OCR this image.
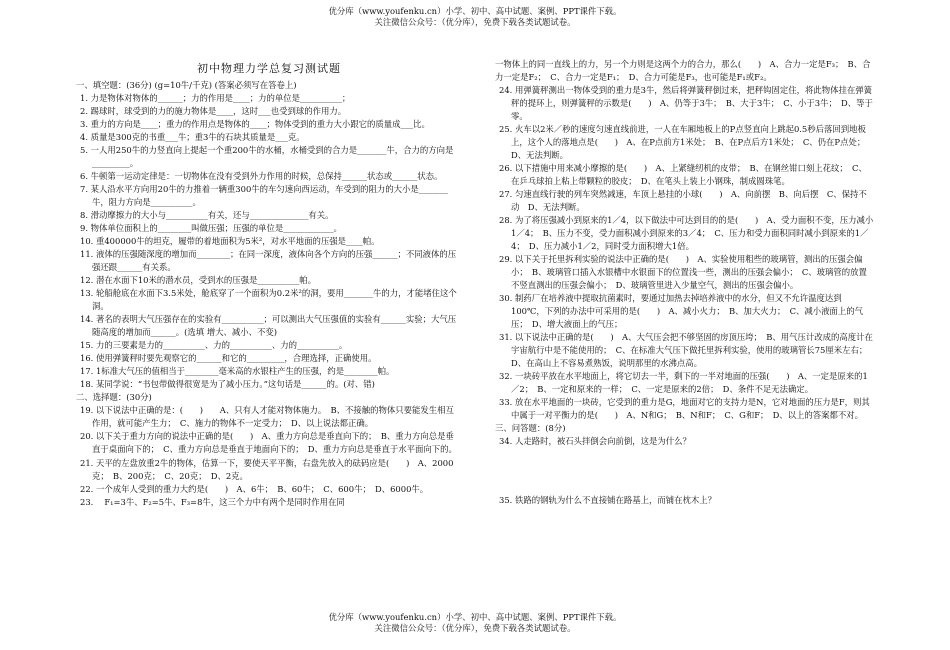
优分库（www.youfenku.cn）小学、初中、高中试题、案例、PPT课件下载。
关注微信公众号：（优分库），免费下载各类试题试卷。
初中物理力学总复习测试题
一、填空题：(36分) (g=10牛/千克) (答案必须写在答卷上)
1. 力是物体对物体的______；力的作用是____；力的单位是__________；
2. 踢球时，球受到的力的施力物体是____，这时___也受到球的作用力。
3. 重力的方向是____；重力的作用点是物体的____；物体受到的重力大小跟它的质量成___比。
4. 质量是300克的书重___牛；重3牛的石块其质量是___克。
5. 一人用250牛的力竖直向上提起一个重200牛的水桶，水桶受到的合力是_______牛，合力的方向是_________。
6. 牛顿第一运动定律是：一切物体在没有受到外力作用的时候，总保持______状态或______状态。
7. 某人沿水平方向用20牛的力推着一辆重300牛的车匀速向西运动，车受到的阻力的大小是_______牛，阻力方向是__________。
8. 滑动摩擦力的大小与__________有关，还与______________有关。
9. 物体单位面积上的________叫做压强；压强的单位是____________。
10. 重400000牛的坦克，履带的着地面积为5米²，对水平地面的压强是____帕。
11. 液体的压强随深度的增加而________；在同一深度，液体向各个方向的压强______；不同液体的压强还跟______有关系。
12. 潜在水面下10米的潜水员，受到水的压强是__________帕。
13. 轮船舱底在水面下3.5米处，舱底穿了一个面积为0.2米²的洞，要用_______牛的力，才能堵住这个洞。
14. 著名的表明大气压强存在的实验有__________；可以测出大气压强值的实验有______实验；大气压随高度的增加而______。(选填 增大、减小、不变)
15. 力的三要素是力的__________、力的__________、力的__________。
16. 使用弹簧秤时要先观察它的______和它的_________，合理选择，正确使用。
17. 1标准大气压的值相当于________毫米高的水银柱产生的压强，约是________帕。
18. 某同学说：“书包带做得很宽是为了减小压力。”这句话是______的。(对、错)
二、选择题：(30分)
19. 以下说法中正确的是：(　　)　　A、只有人才能对物体施力。　B、不接触的物体只要能发生相互作用，就可能产生力；　C、施力的物体不一定受力；　D、以上说法都正确。
20. 以下关于重力方向的说法中正确的是(　　)　A、重力方向总是垂直向下的；　B、重力方向总是垂直于桌面向下的；　C、重力方向总是垂直于地面向下的；　D、重力方向总是垂直于水平面向下的。
21. 天平的左盘放重2牛的物体，估算一下，要使天平平衡，右盘先放入的砝码应是(　　)　A、2000克；　B、200克；　C、20克；　D、2克。
22. 一个成年人受到的重力大约是(　　)　A、6牛；　B、60牛；　C、600牛；　D、6000牛。
23. 　F₁=3牛、F₂=5牛、F₃=8牛，这三个力中有两个是同时作用在同
一物体上的同一直线上的力，另一个力则是这两个力的合力，那么(　　)　A、合力一定是F₃；　B、合力一定是F₂；　C、合力一定是F₁；　D、合力可能是F₃，也可能是F₁或F₂。
24. 用弹簧秤测出一物体受到的重力是3牛，然后将弹簧秤倒过来，把秤钩固定住，将此物体挂在弹簧秤的提环上，则弹簧秤的示数是(　　)　A、仍等于3牛；　B、大于3牛；　C、小于3牛；　D、等于零。
25. 火车以2米／秒的速度匀速直线前进，一人在车厢地板上的P点竖直向上跳起0.5秒后落回到地板上，这个人的落地点是(　　)　A、在P点前方1米处；　B、在P点后方1米处；　C、仍在P点处；　D、无法判断。
26. 以下措施中用来减小摩擦的是(　　)　A、上紧缝纫机的皮带；　B、在钢丝钳口刻上花纹；　C、在乒乓球拍上粘上带颗粒的胶皮；　D、在笔头上装上小钢珠，制成圆珠笔。
27. 匀速直线行驶的列车突然减速，车顶上悬挂的小球(　　)　A、向前摆　B、向后摆　C、保持不动　D、无法判断。
28. 为了将压强减小到原来的1／4，以下做法中可达到目的的是(　　)　A、受力面积不变，压力减小1／4；　B、压力不变，受力面积减小到原来的3／4；　C、压力和受力面积同时减小到原来的1／4；　D、压力减小1／2，同时受力面积增大1倍。
29. 以下关于托里拆利实验的说法中正确的是(　　)　A、实验使用粗些的玻璃管，测出的压强会偏小；　B、玻璃管口插入水银槽中水银面下的位置浅一些，测出的压强会偏小；　C、玻璃管的放置不竖直测出的压强会偏小；　D、玻璃管里进入少量空气，测出的压强会偏小。
30. 制药厂在培养液中提取抗菌素时，要通过加热去掉培养液中的水分，但又不允许温度达到100℃，下列的办法中可采用的是(　　)　A、减小火力；　B、加大火力；　C、减小液面上的气压；　D、增大液面上的气压；
31. 以下说法中正确的是(　　)　A、大气压会把不够坚固的房顶压垮；　B、用气压计改成的高度计在宇宙航行中是不能使用的；　C、在标准大气压下做托里拆利实验，使用的玻璃管长75厘米左右；　D、在高山上不容易煮熟饭，说明那里的水沸点高。
32. 一块砖平放在水平地面上，将它切去一半，剩下的一半对地面的压强(　　)　A、一定是原来的1／2；　B、一定和原来的一样；　C、一定是原来的2倍；　D、条件不足无法确定。
33. 放在水平地面的一块砖，它受到的重力是G，地面对它的支持力是N，它对地面的压力是F，则其中属于一对平衡力的是(　　)　A、N和G；　B、N和F；　C、G和F；　D、以上的答案都不对。
三、问答题：(8分)
34. 人走路时，被石头拌倒会向前倒，这是为什么？
35. 铁路的钢轨为什么不直接铺在路基上，而铺在枕木上？
优分库（www.youfenku.cn）小学、初中、高中试题、案例、PPT课件下载。
关注微信公众号：（优分库），免费下载各类试题试卷。
